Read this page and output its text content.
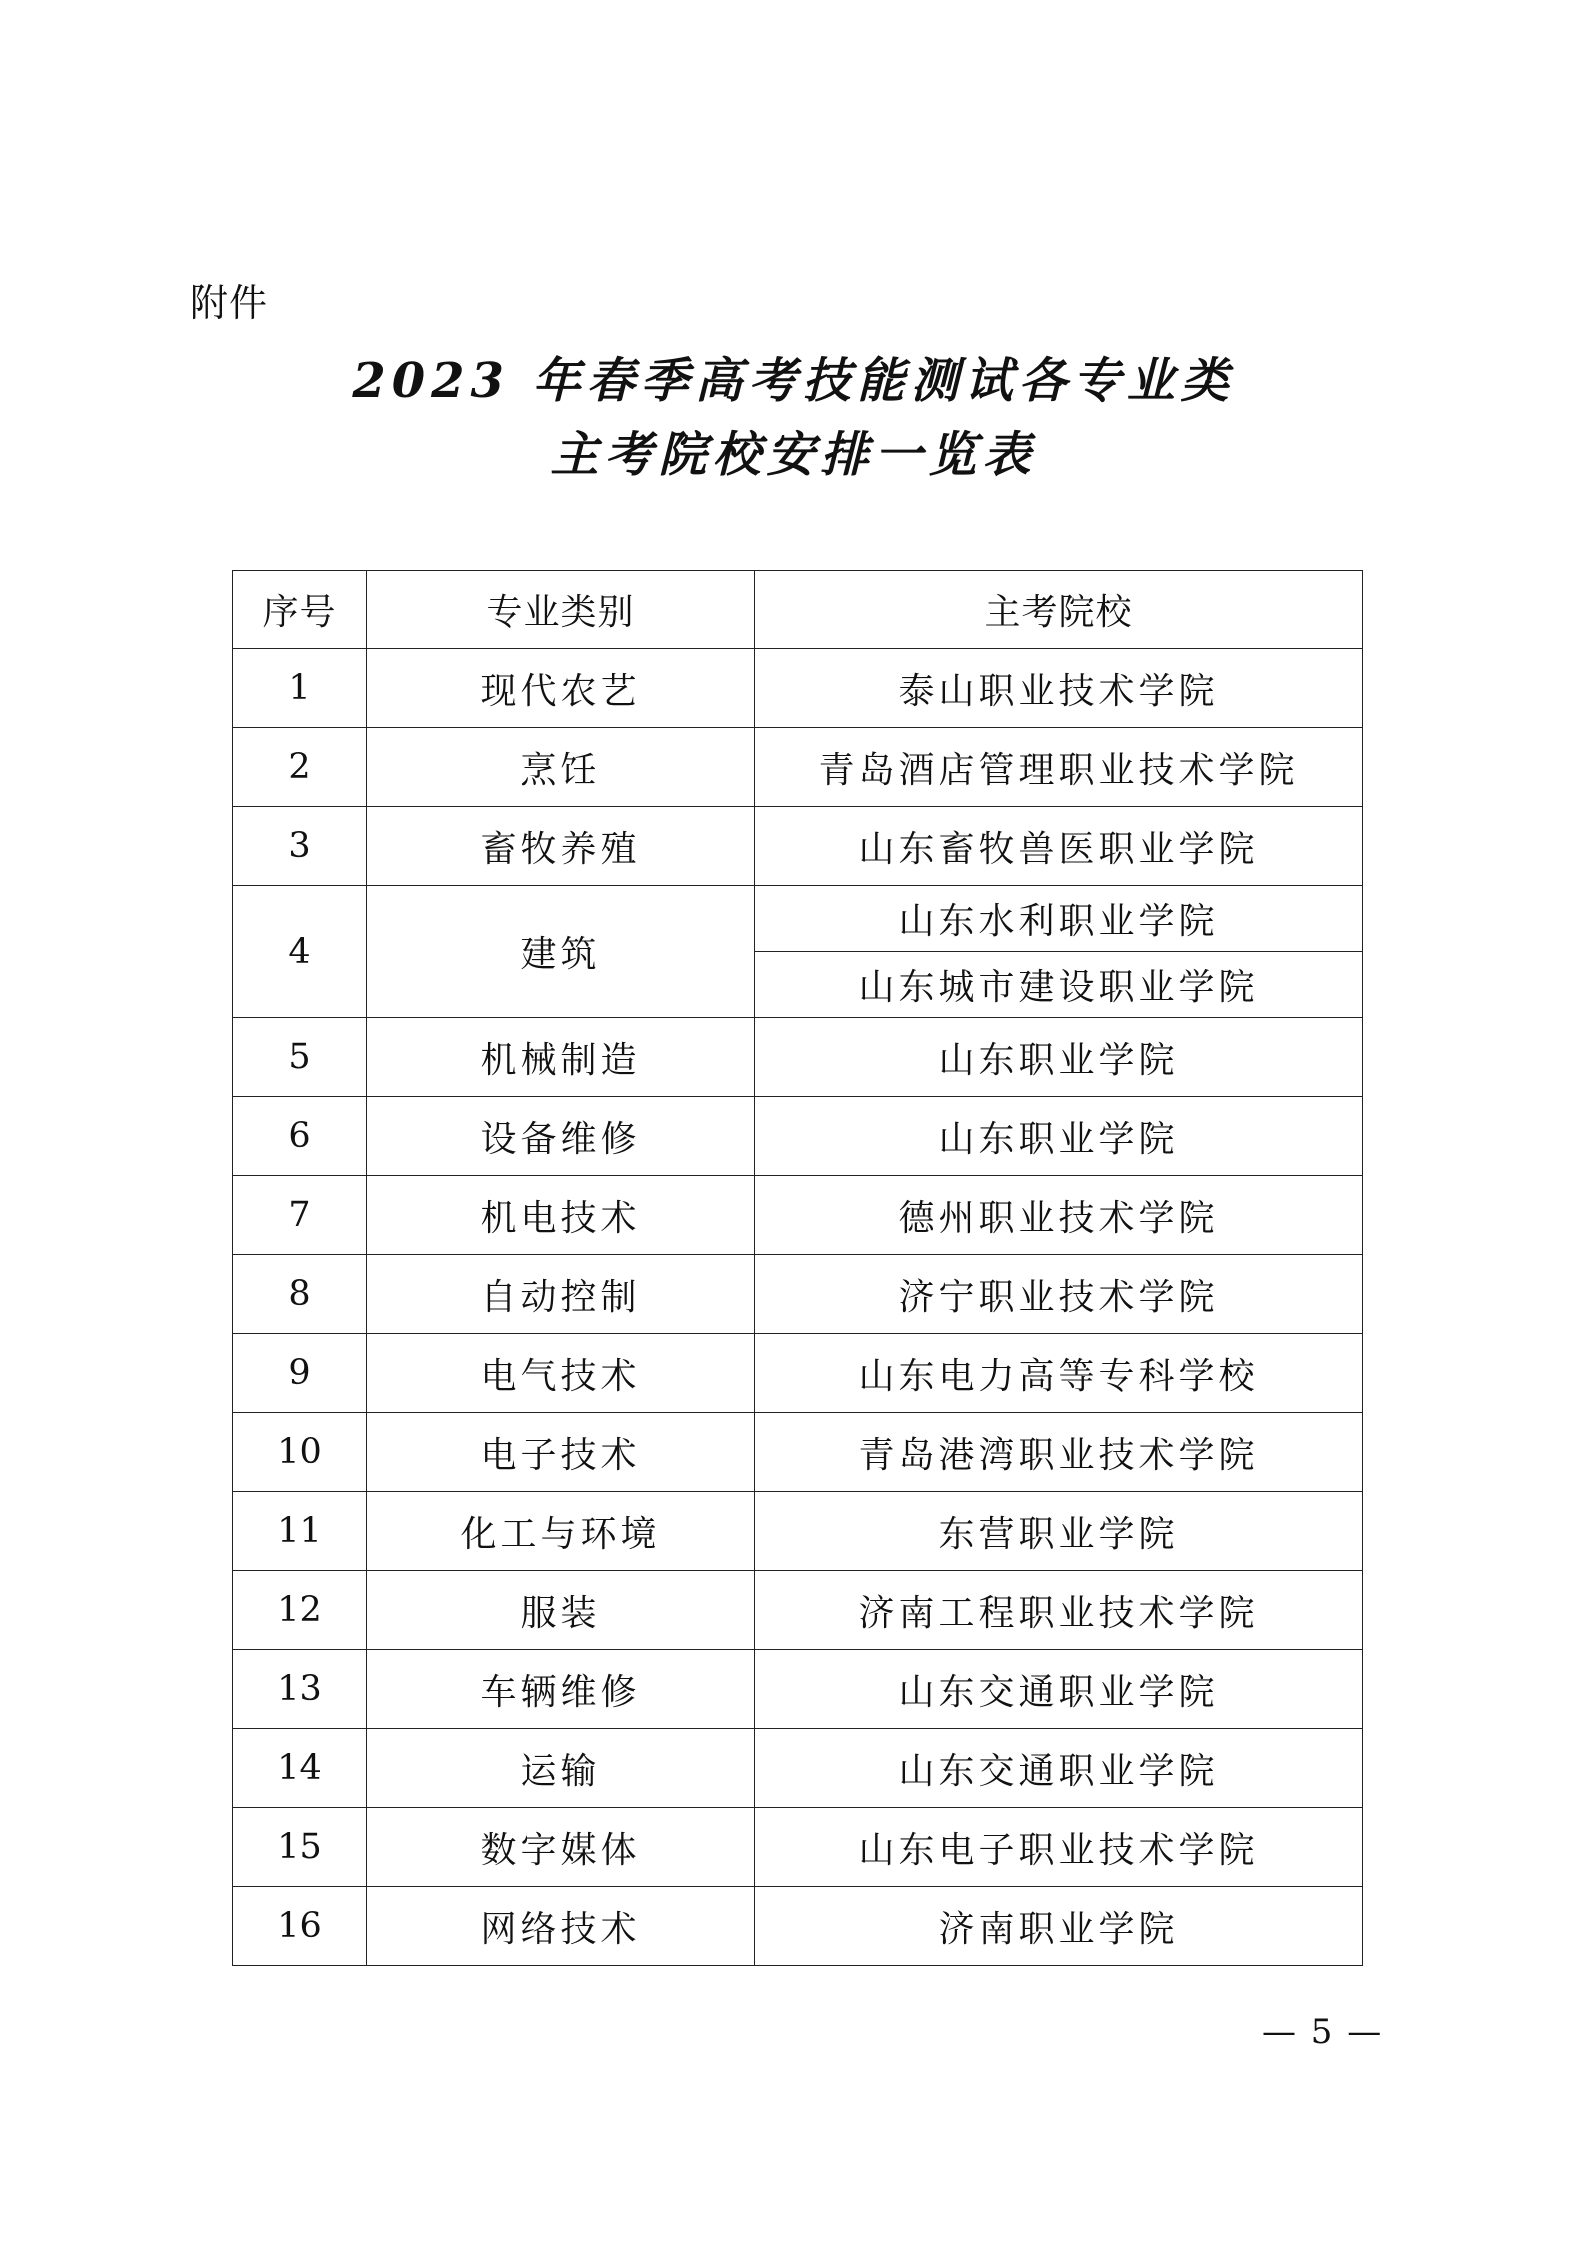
附件
2023 年春季高考技能测试各专业类
主考院校安排一览表
序号	专业类别	主考院校
1	现代农艺	泰山职业技术学院
2	烹饪	青岛酒店管理职业技术学院
3	畜牧养殖	山东畜牧兽医职业学院
4	建筑	山东水利职业学院
		山东城市建设职业学院
5	机械制造	山东职业学院
6	设备维修	山东职业学院
7	机电技术	德州职业技术学院
8	自动控制	济宁职业技术学院
9	电气技术	山东电力高等专科学校
10	电子技术	青岛港湾职业技术学院
11	化工与环境	东营职业学院
12	服装	济南工程职业技术学院
13	车辆维修	山东交通职业学院
14	运输	山东交通职业学院
15	数字媒体	山东电子职业技术学院
16	网络技术	济南职业学院
— 5 —
